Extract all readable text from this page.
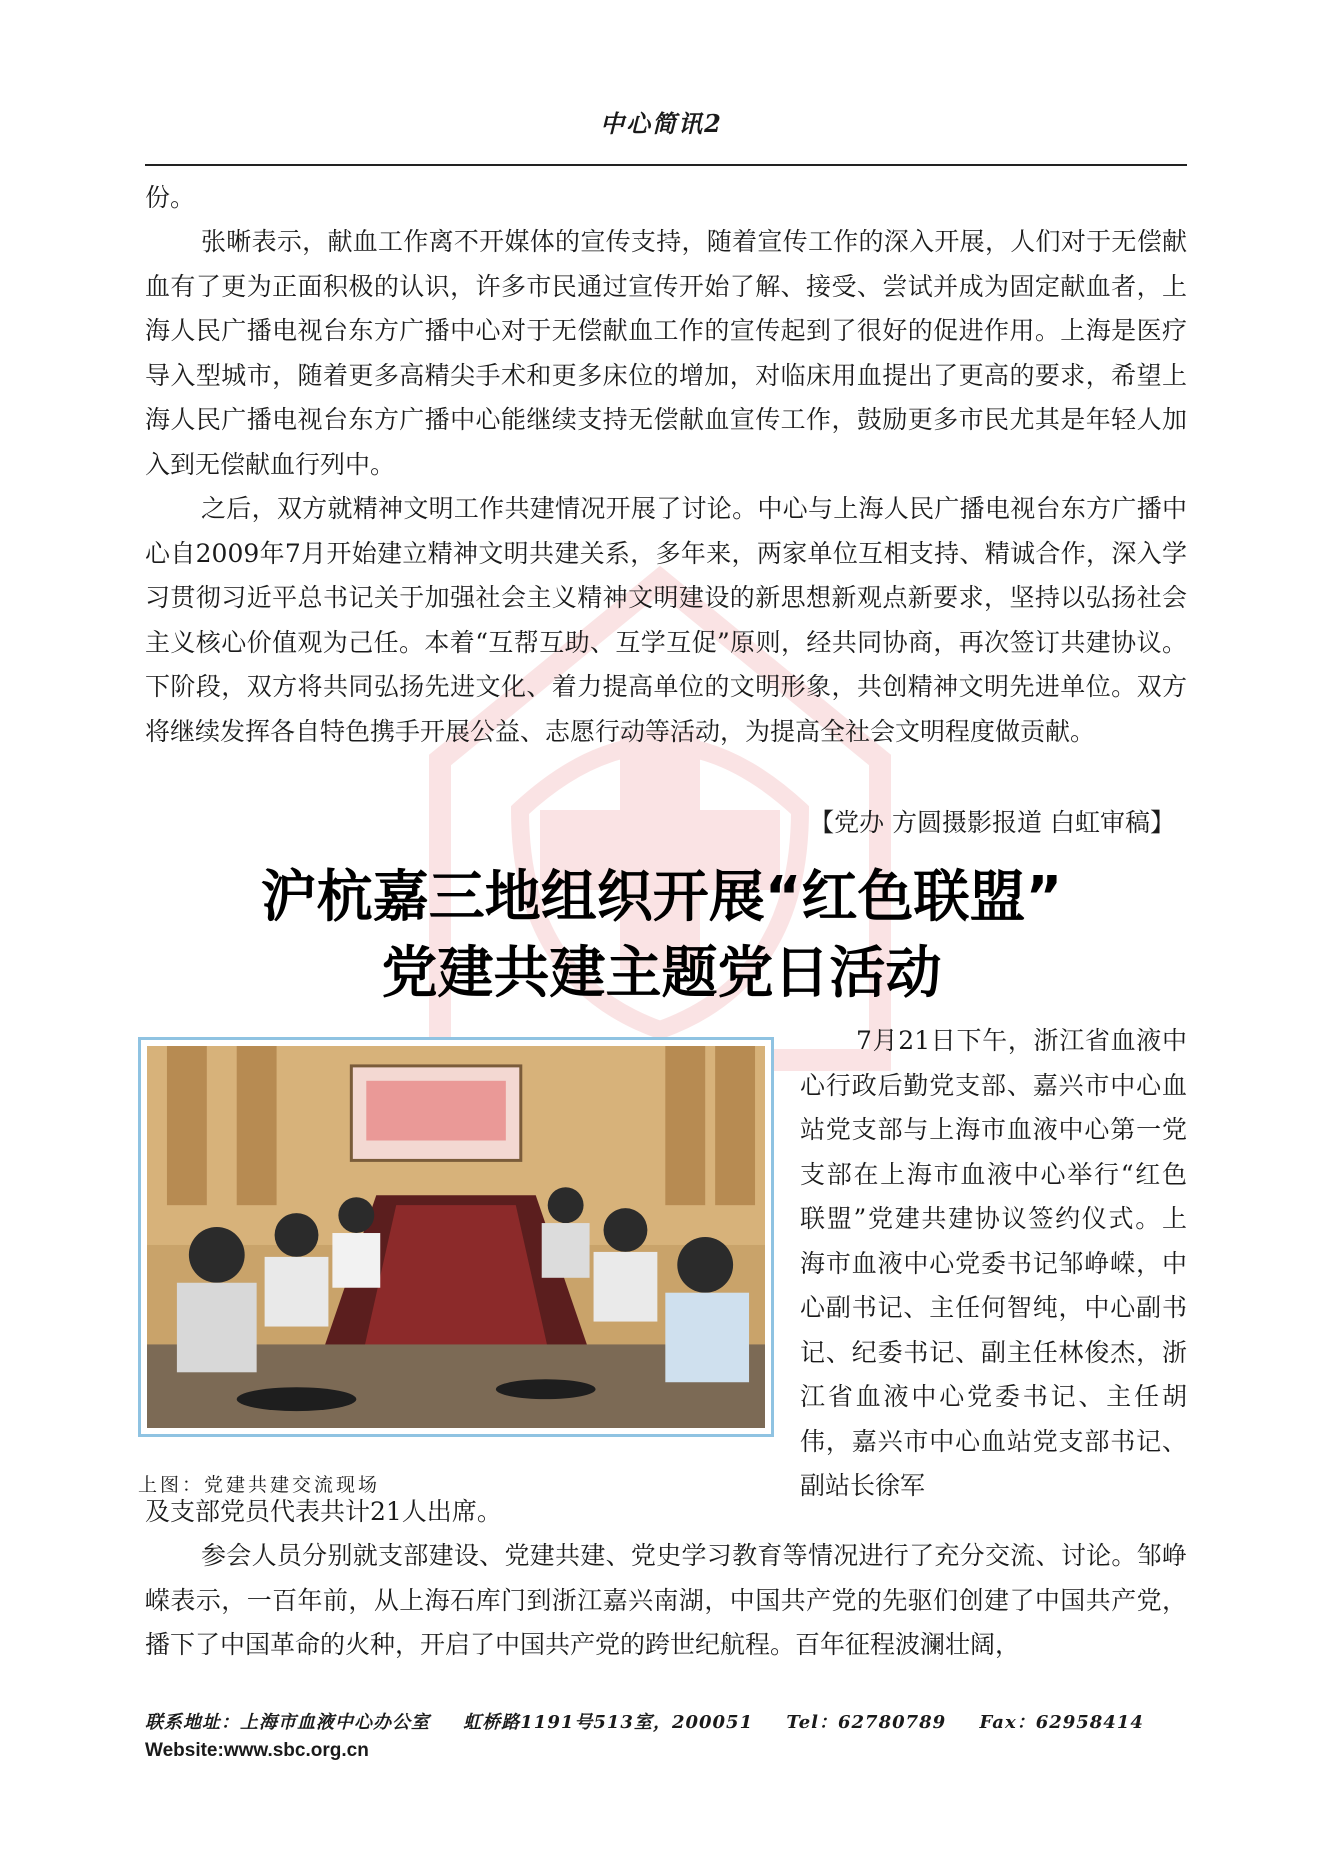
中心简讯2

份。

张晰表示，献血工作离不开媒体的宣传支持，随着宣传工作的深入开展，人们对于无偿献血有了更为正面积极的认识，许多市民通过宣传开始了解、接受、尝试并成为固定献血者，上海人民广播电视台东方广播中心对于无偿献血工作的宣传起到了很好的促进作用。上海是医疗导入型城市，随着更多高精尖手术和更多床位的增加，对临床用血提出了更高的要求，希望上海人民广播电视台东方广播中心能继续支持无偿献血宣传工作，鼓励更多市民尤其是年轻人加入到无偿献血行列中。

之后，双方就精神文明工作共建情况开展了讨论。中心与上海人民广播电视台东方广播中心自2009年7月开始建立精神文明共建关系，多年来，两家单位互相支持、精诚合作，深入学习贯彻习近平总书记关于加强社会主义精神文明建设的新思想新观点新要求，坚持以弘扬社会主义核心价值观为己任。本着“互帮互助、互学互促”原则，经共同协商，再次签订共建协议。下阶段，双方将共同弘扬先进文化、着力提高单位的文明形象，共创精神文明先进单位。双方将继续发挥各自特色携手开展公益、志愿行动等活动，为提高全社会文明程度做贡献。

【党办 方圆摄影报道 白虹审稿】
沪杭嘉三地组织开展“红色联盟”
党建共建主题党日活动
上图：党建共建交流现场

7月21日下午，浙江省血液中心行政后勤党支部、嘉兴市中心血站党支部与上海市血液中心第一党支部在上海市血液中心举行“红色联盟”党建共建协议签约仪式。上海市血液中心党委书记邹峥嵘，中心副书记、主任何智纯，中心副书记、纪委书记、副主任林俊杰，浙江省血液中心党委书记、主任胡伟，嘉兴市中心血站党支部书记、副站长徐军

及支部党员代表共计21人出席。

参会人员分别就支部建设、党建共建、党史学习教育等情况进行了充分交流、讨论。邹峥嵘表示，一百年前，从上海石库门到浙江嘉兴南湖，中国共产党的先驱们创建了中国共产党，播下了中国革命的火种，开启了中国共产党的跨世纪航程。百年征程波澜壮阔，

联系地址：上海市血液中心办公室 虹桥路1191号513室，200051 Tel：62780789 Fax：62958414
Website:www.sbc.org.cn
